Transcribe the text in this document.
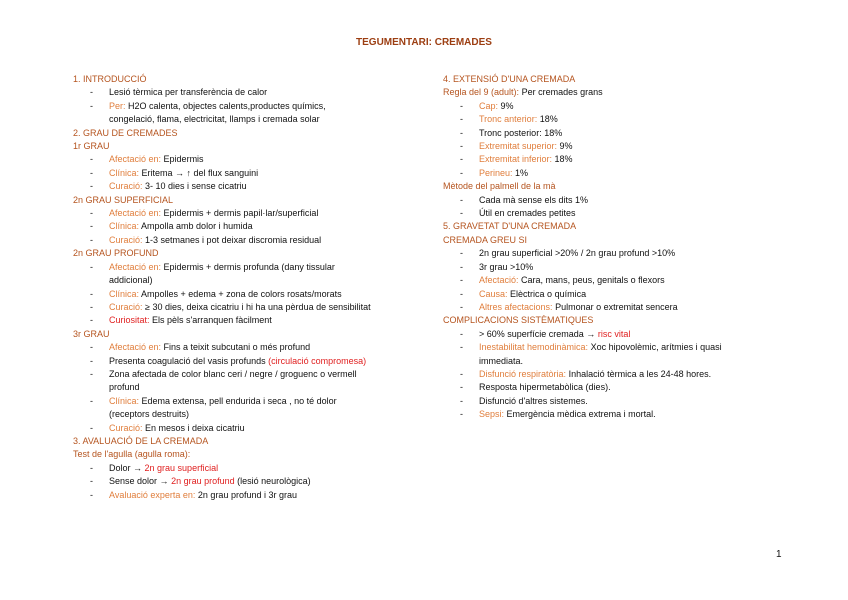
TEGUMENTARI: CREMADES
1. INTRODUCCIÓ
- Lesió tèrmica per transferència de calor
- Per: H2O calenta, objectes calents,productes químics,
congelació, flama, electricitat, llamps i cremada solar
2. GRAU DE CREMADES
1r GRAU
- Afectació en: Epidermis
- Clínica: Eritema → ↑ del flux sanguini
- Curació: 3- 10 dies i sense cicatriu
2n GRAU SUPERFICIAL
- Afectació en: Epidermis + dermis papil·lar/superficial
- Clínica: Ampolla amb dolor i humida
- Curació: 1-3 setmanes i pot deixar discromia residual
2n GRAU PROFUND
- Afectació en: Epidermis + dermis profunda (dany tissular
addicional)
- Clínica: Ampolles + edema + zona de colors rosats/morats
- Curació: ≥ 30 dies, deixa cicatriu i hi ha una pèrdua de sensibilitat
- Curiositat: Els pèls s'arranquen fàcilment
3r GRAU
- Afectació en: Fins a teixit subcutani o més profund
- Presenta coagulació del vasis profunds (circulació compromesa)
- Zona afectada de color blanc ceri / negre / groguenc o vermell
profund
- Clínica: Edema extensa, pell endurida i seca , no té dolor
(receptors destruits)
- Curació: En mesos i deixa cicatriu
3. AVALUACIÓ DE LA CREMADA
Test de l'agulla (agulla roma):
- Dolor → 2n grau superficial
- Sense dolor → 2n grau profund (lesió neurològica)
- Avaluació experta en: 2n grau profund i 3r grau
4. EXTENSIÓ D'UNA CREMADA
Regla del 9 (adult): Per cremades grans
- Cap: 9%
- Tronc anterior: 18%
- Tronc posterior: 18%
- Extremitat superior: 9%
- Extremitat inferior: 18%
- Perineu: 1%
Mètode del palmell de la mà
- Cada mà sense els dits 1%
- Útil en cremades petites
5. GRAVETAT D'UNA CREMADA
CREMADA GREU SI
- 2n grau superficial >20% / 2n grau profund >10%
- 3r grau >10%
- Afectació: Cara, mans, peus, genitals o flexors
- Causa: Elèctrica o química
- Altres afectacions: Pulmonar o extremitat sencera
COMPLICACIONS SISTÈMATIQUES
- > 60% superfície cremada → risc vital
- Inestabilitat hemodinàmica: Xoc hipovolèmic, arítmies i quasi
immediata.
- Disfunció respiratòria: Inhalació tèrmica a les 24-48 hores.
- Resposta hipermetabòlica (dies).
- Disfunció d'altres sistemes.
- Sepsi: Emergència mèdica extrema i mortal.
1
